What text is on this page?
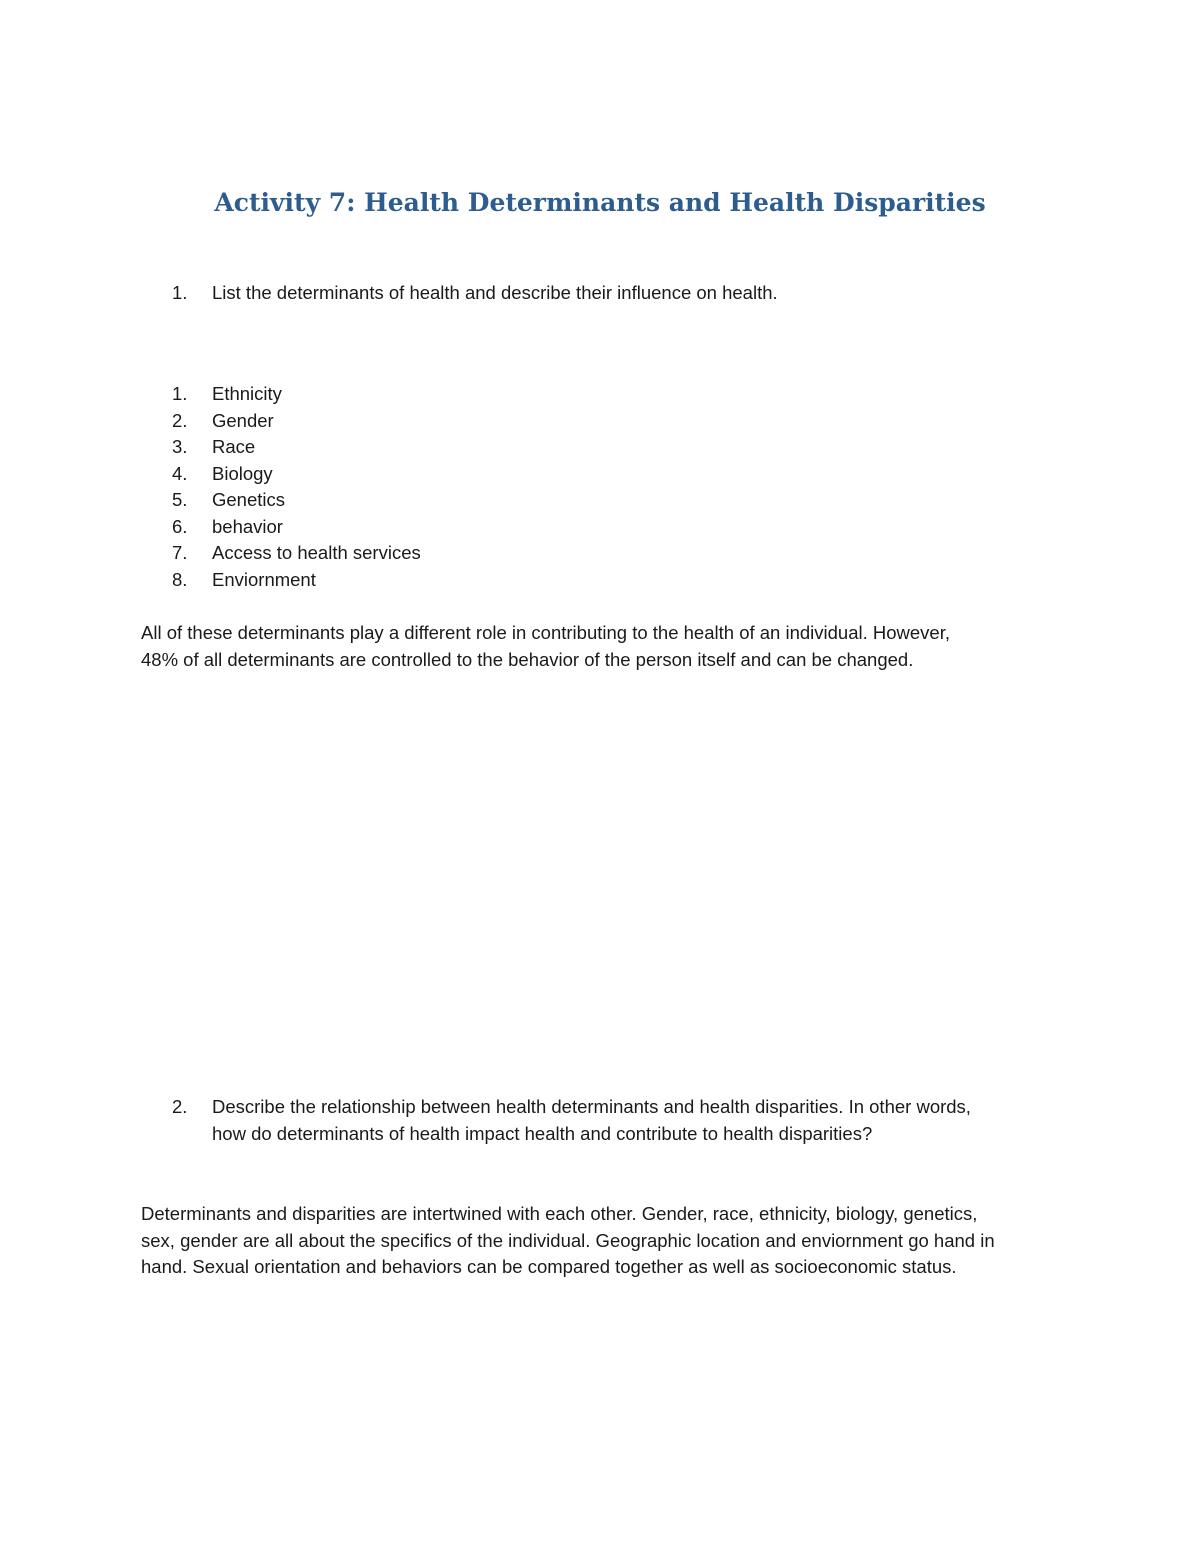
Activity 7: Health Determinants and Health Disparities
1.	List the determinants of health and describe their influence on health.
1. Ethnicity
2. Gender
3. Race
4. Biology
5. Genetics
6. behavior
7. Access to health services
8. Enviornment
All of these determinants play a different role in contributing to the health of an individual. However,
48% of all determinants are controlled to the behavior of the person itself and can be changed.
2.	Describe the relationship between health determinants and health disparities. In other words,
how do determinants of health impact health and contribute to health disparities?
Determinants and disparities are intertwined with each other. Gender, race, ethnicity, biology, genetics,
sex, gender are all about the specifics of the individual. Geographic location and enviornment go hand in
hand. Sexual orientation and behaviors can be compared together as well as socioeconomic status.
